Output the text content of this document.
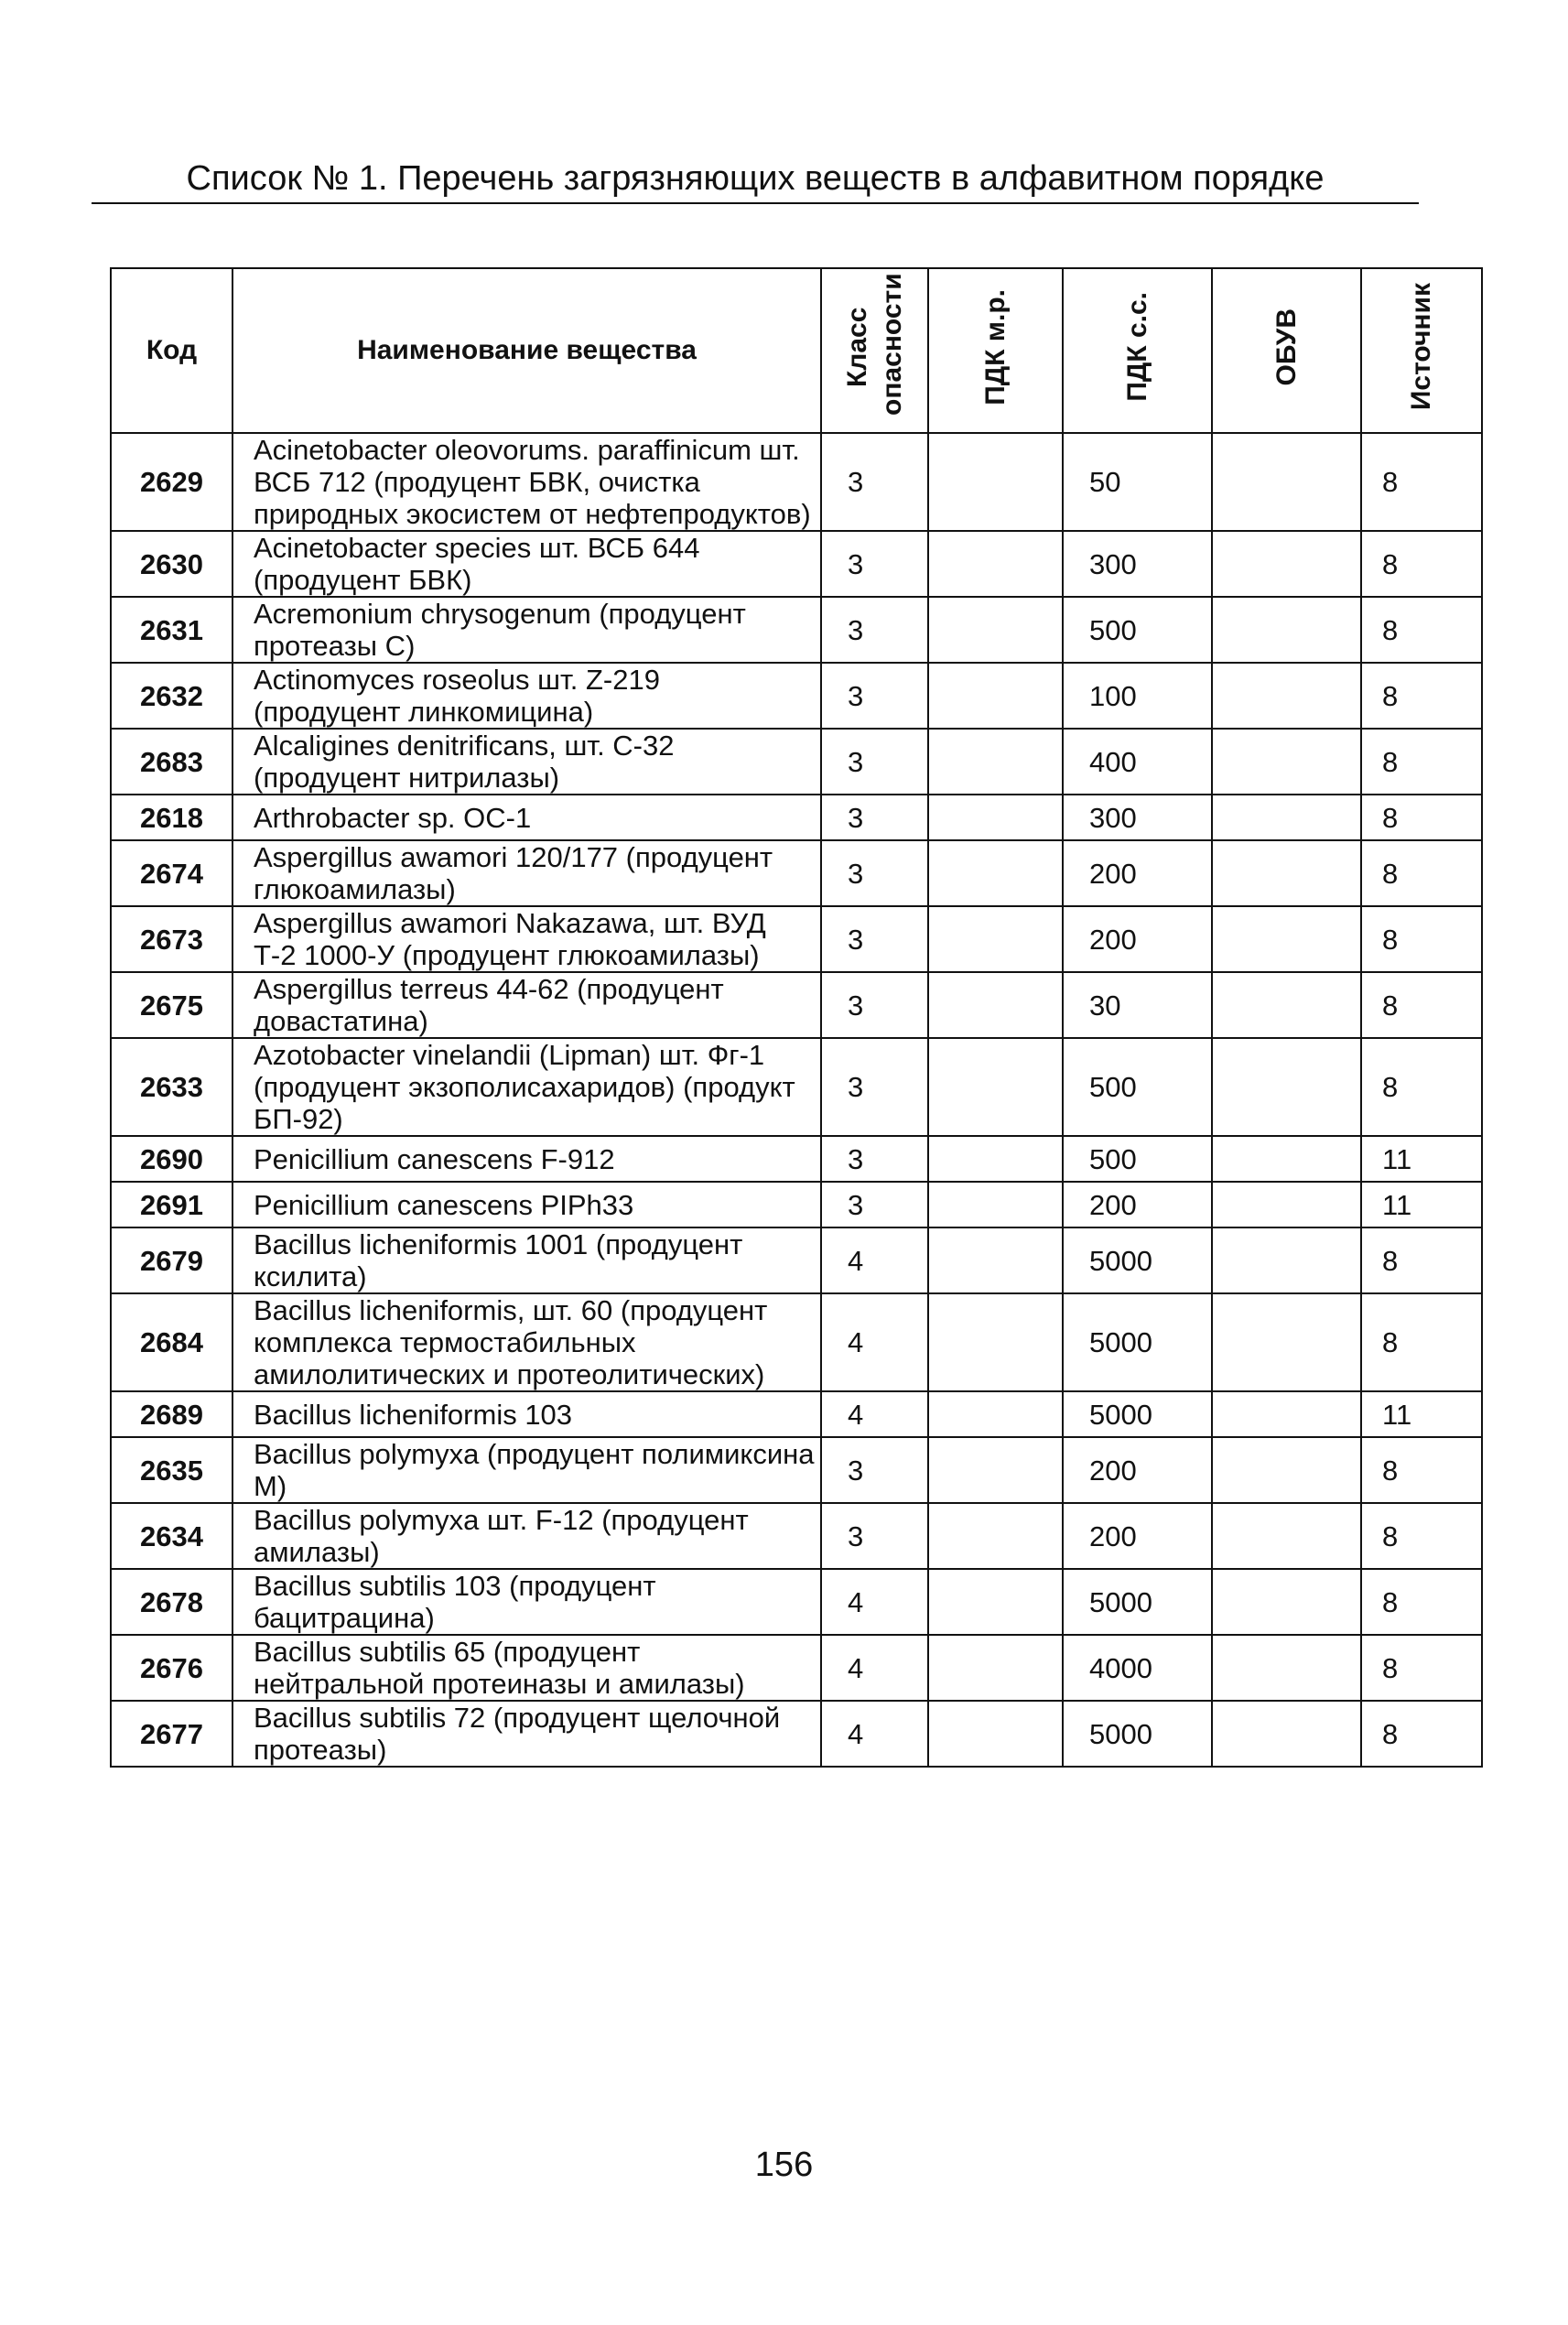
Список № 1. Перечень загрязняющих веществ в алфавитном порядке
Код	Наименование вещества	Класс опасности	ПДК м.р.	ПДК с.с.	ОБУВ	Источник
2629	Acinetobacter oleovorums. paraffinicum шт. ВСБ 712 (продуцент БВК, очистка природных экосистем от нефтепродуктов)	3		50		8
2630	Acinetobacter species шт. ВСБ 644 (продуцент БВК)	3		300		8
2631	Acremonium chrysogenum (продуцент протеазы С)	3		500		8
2632	Actinomyces roseolus шт. Z-219 (продуцент линкомицина)	3		100		8
2683	Alcaligines denitrificans, шт. С-32 (продуцент нитрилазы)	3		400		8
2618	Arthrobacter sp. OC-1	3		300		8
2674	Aspergillus awamori 120/177 (продуцент глюкоамилазы)	3		200		8
2673	Aspergillus awamori Nakazawa, шт. ВУД Т-2 1000-У (продуцент глюкоамилазы)	3		200		8
2675	Aspergillus terreus 44-62 (продуцент довастатина)	3		30		8
2633	Azotobacter vinelandii (Lipman) шт. Фг-1 (продуцент экзополисахаридов) (продукт БП-92)	3		500		8
2690	Penicillium canescens F-912	3		500		11
2691	Penicillium canescens PIPh33	3		200		11
2679	Bacillus licheniformis 1001 (продуцент ксилита)	4		5000		8
2684	Bacillus licheniformis, шт. 60 (продуцент комплекса термостабильных амилолитических и протеолитических)	4		5000		8
2689	Bacillus licheniformis 103	4		5000		11
2635	Bacillus polymyxa (продуцент полимиксина М)	3		200		8
2634	Bacillus polymyxa шт. F-12 (продуцент амилазы)	3		200		8
2678	Bacillus subtilis 103 (продуцент бацитрацина)	4		5000		8
2676	Bacillus subtilis 65 (продуцент нейтральной протеиназы и амилазы)	4		4000		8
2677	Bacillus subtilis 72 (продуцент щелочной протеазы)	4		5000		8
156
